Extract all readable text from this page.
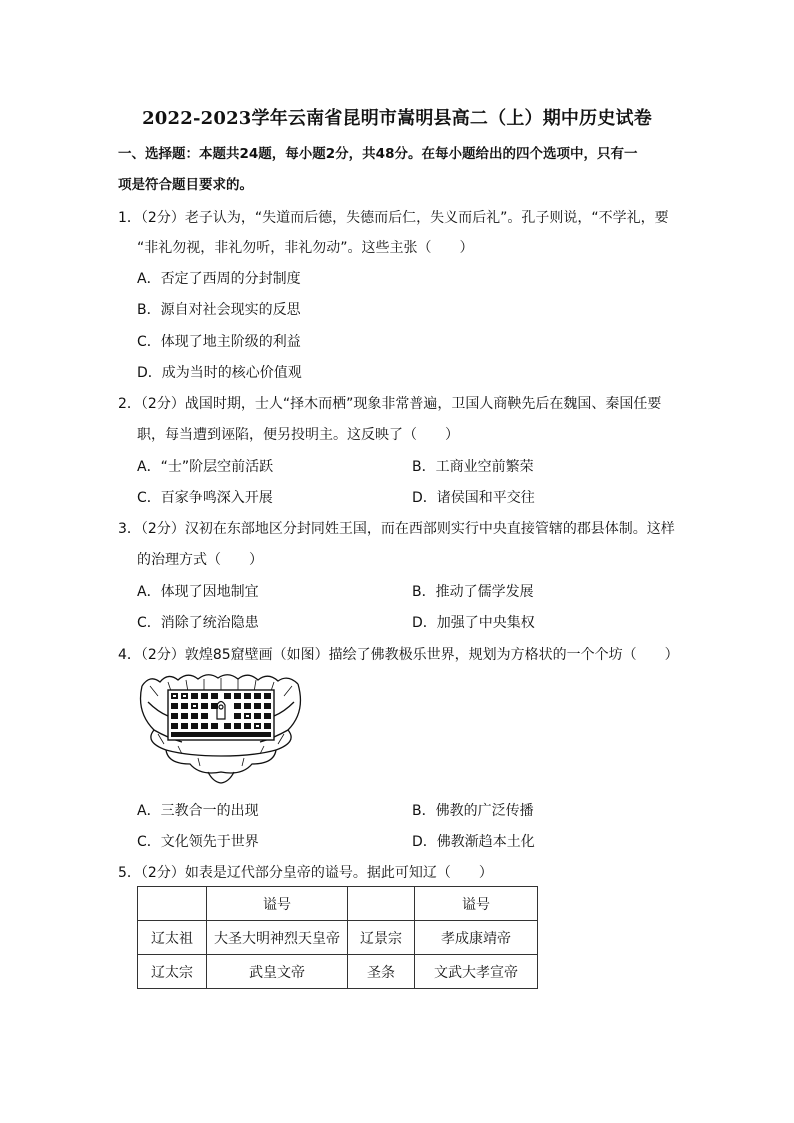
2022-2023学年云南省昆明市嵩明县高二（上）期中历史试卷
一、选择题：本题共24题，每小题2分，共48分。在每小题给出的四个选项中，只有一
项是符合题目要求的。
1．（2分）老子认为，“失道而后德，失德而后仁，失义而后礼”。孔子则说，“不学礼，要
“非礼勿视，非礼勿听，非礼勿动”。这些主张（　　）
A．否定了西周的分封制度
B．源自对社会现实的反思
C．体现了地主阶级的利益
D．成为当时的核心价值观
2．（2分）战国时期，士人“择木而栖”现象非常普遍，卫国人商鞅先后在魏国、秦国任要
职，每当遭到诬陷，便另投明主。这反映了（　　）
A．“士”阶层空前活跃	B．工商业空前繁荣
C．百家争鸣深入开展	D．诸侯国和平交往
3．（2分）汉初在东部地区分封同姓王国，而在西部则实行中央直接管辖的郡县体制。这样
的治理方式（　　）
A．体现了因地制宜	B．推动了儒学发展
C．消除了统治隐患	D．加强了中央集权
4．（2分）敦煌85窟壁画（如图）描绘了佛教极乐世界，规划为方格状的一个个坊（　　）
A．三教合一的出现	B．佛教的广泛传播
C．文化领先于世界	D．佛教渐趋本土化
5．（2分）如表是辽代部分皇帝的谥号。据此可知辽（　　）
	谥号		谥号
辽太祖	大圣大明神烈天皇帝	辽景宗	孝成康靖帝
辽太宗	武皇文帝	圣条	文武大孝宣帝
